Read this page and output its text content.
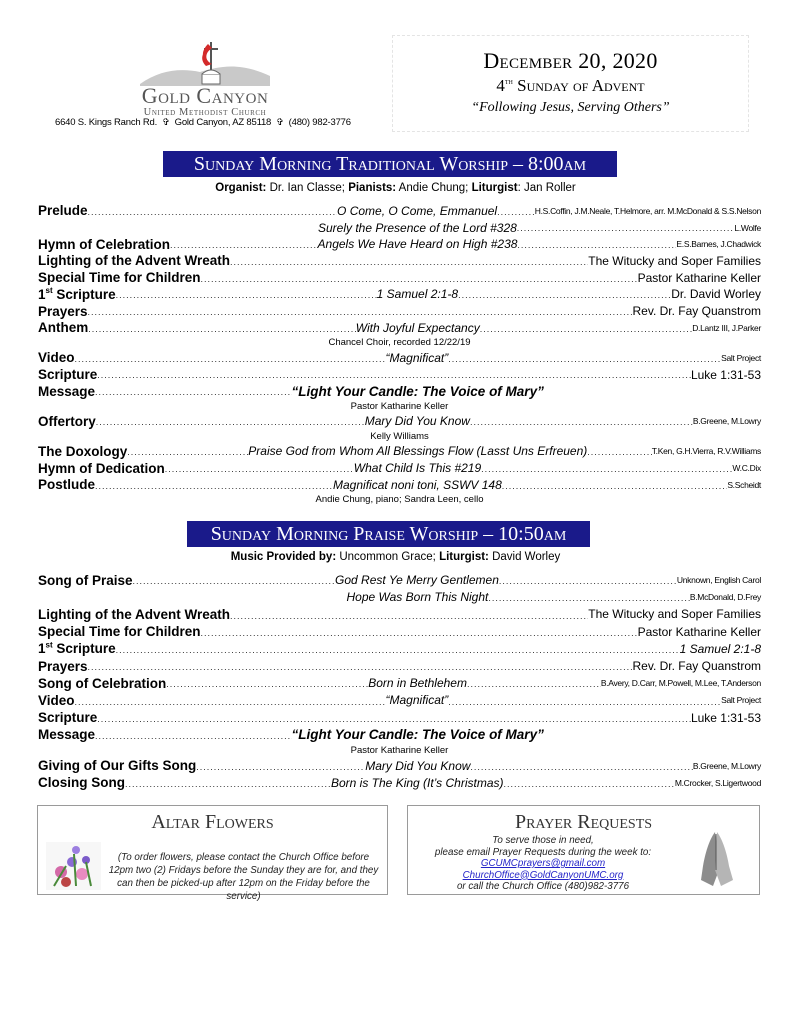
Gold Canyon
United Methodist Church
6640 S. Kings Ranch Rd. ✞ Gold Canyon, AZ 85118 ✞ (480) 982-3776
December 20, 2020
4th Sunday of Advent
“Following Jesus, Serving Others”
Sunday Morning Traditional Worship – 8:00am
Organist: Dr. Ian Classe; Pianists: Andie Chung; Liturgist: Jan Roller
Prelude .....	O Come, O Come, Emmanuel .....	H.S.Coffin, J.M.Neale, T.Helmore, arr. M.McDonald & S.S.Nelson
Surely the Presence of the Lord #328 .....	L.Wolfe
Hymn of Celebration .....	Angels We Have Heard on High #238 .....	E.S.Barnes, J.Chadwick
Lighting of the Advent Wreath .....	The Witucky and Soper Families
Special Time for Children .....	Pastor Katharine Keller
1st Scripture .....	1 Samuel 2:1-8 .....	Dr. David Worley
Prayers .....	Rev. Dr. Fay Quanstrom
Anthem .....	With Joyful Expectancy .....	D.Lantz III, J.Parker
Chancel Choir, recorded 12/22/19
Video .....	“Magnificat” .....	Salt Project
Scripture .....	Luke 1:31-53
Message .....	“Light Your Candle: The Voice of Mary”
Pastor Katharine Keller
Offertory .....	Mary Did You Know .....	B.Greene, M.Lowry
Kelly Williams
The Doxology .....	Praise God from Whom All Blessings Flow (Lasst Uns Erfreuen) .....	T.Ken, G.H.Vierra, R.V.Williams
Hymn of Dedication .....	What Child Is This #219 .....	W.C.Dix
Postlude .....	Magnificat noni toni, SSWV 148 .....	S.Scheidt
Andie Chung, piano; Sandra Leen, cello
Sunday Morning Praise Worship – 10:50am
Music Provided by: Uncommon Grace; Liturgist: David Worley
Song of Praise .....	God Rest Ye Merry Gentlemen .....	Unknown, English Carol
Hope Was Born This Night .....	B.McDonald, D.Frey
Lighting of the Advent Wreath .....	The Witucky and Soper Families
Special Time for Children .....	Pastor Katharine Keller
1st Scripture .....	1 Samuel 2:1-8
Prayers .....	Rev. Dr. Fay Quanstrom
Song of Celebration .....	Born in Bethlehem .....	B.Avery, D.Carr, M.Powell, M.Lee, T.Anderson
Video .....	“Magnificat” .....	Salt Project
Scripture .....	Luke 1:31-53
Message .....	“Light Your Candle: The Voice of Mary”
Pastor Katharine Keller
Giving of Our Gifts Song .....	Mary Did You Know .....	B.Greene, M.Lowry
Closing Song .....	Born is The King (It’s Christmas) .....	M.Crocker, S.Ligertwood
Altar Flowers
(To order flowers, please contact the Church Office before 12pm two (2) Fridays before the Sunday they are for, and they can then be picked-up after 12pm on the Friday before the service)
Prayer Requests
To serve those in need,
please email Prayer Requests during the week to:
GCUMCprayers@gmail.com
ChurchOffice@GoldCanyonUMC.org
or call the Church Office (480)982-3776
